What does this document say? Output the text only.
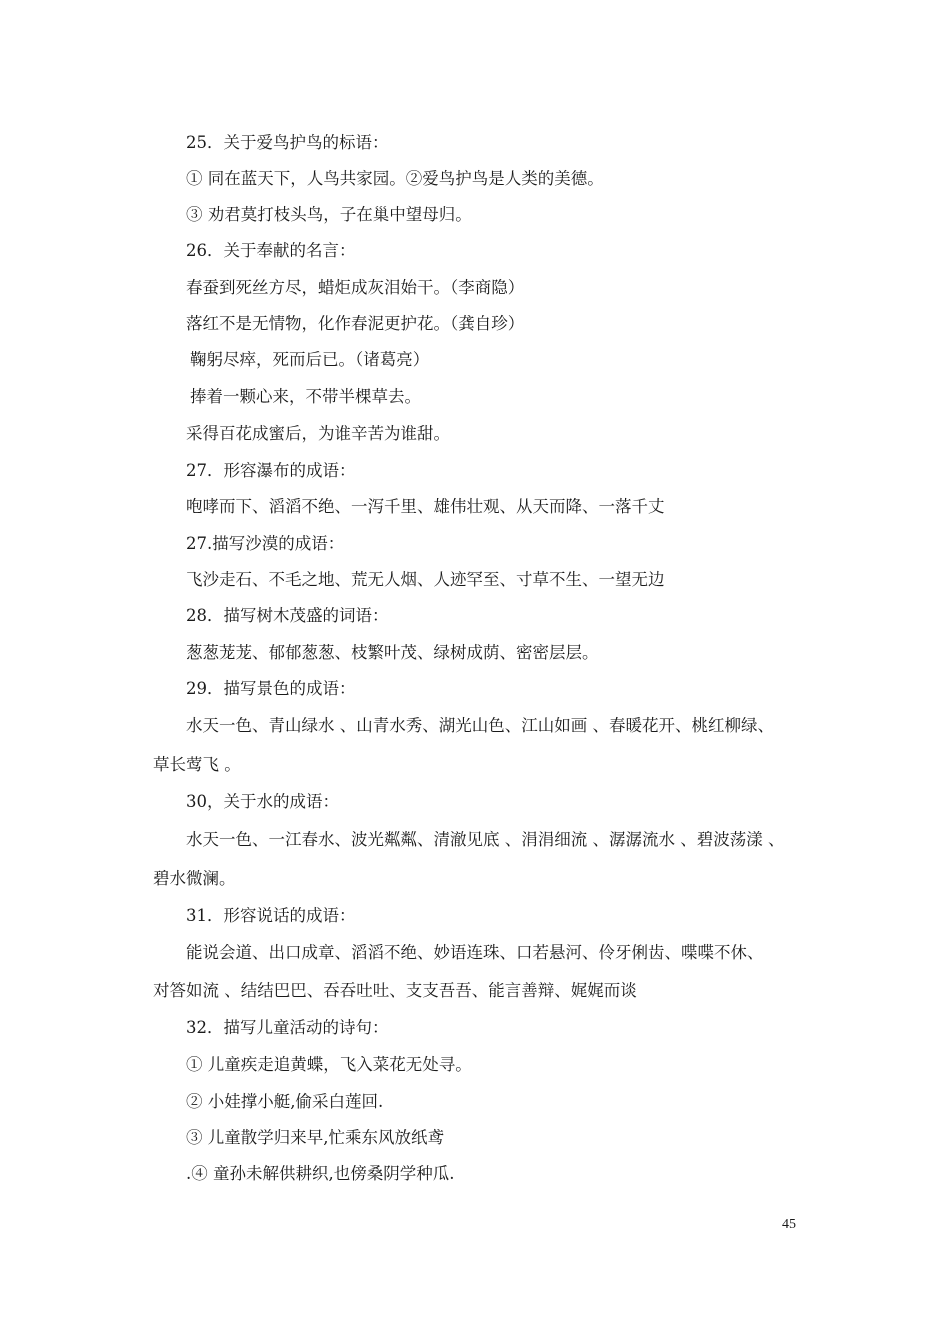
25．关于爱鸟护鸟的标语：
① 同在蓝天下，人鸟共家园。②爱鸟护鸟是人类的美德。
③ 劝君莫打枝头鸟，子在巢中望母归。
26．关于奉献的名言：
春蚕到死丝方尽，蜡炬成灰泪始干。（李商隐）
落红不是无情物，化作春泥更护花。（龚自珍）
鞠躬尽瘁，死而后已。（诸葛亮）
捧着一颗心来，不带半棵草去。
采得百花成蜜后，为谁辛苦为谁甜。
27．形容瀑布的成语：
咆哮而下、滔滔不绝、一泻千里、雄伟壮观、从天而降、一落千丈
27.描写沙漠的成语：
飞沙走石、不毛之地、荒无人烟、人迹罕至、寸草不生、一望无边
28．描写树木茂盛的词语：
葱葱茏茏、郁郁葱葱、枝繁叶茂、绿树成荫、密密层层。
29．描写景色的成语：
水天一色、青山绿水 、山青水秀、湖光山色、江山如画 、春暖花开、桃红柳绿、
草长莺飞 。
30，关于水的成语：
水天一色、一江春水、波光粼粼、清澈见底 、涓涓细流 、潺潺流水 、碧波荡漾 、
碧水微澜。
31．形容说话的成语：
能说会道、出口成章、滔滔不绝、妙语连珠、口若悬河、伶牙俐齿、喋喋不休、
对答如流 、结结巴巴、吞吞吐吐、支支吾吾、能言善辩、娓娓而谈
32．描写儿童活动的诗句：
① 儿童疾走追黄蝶，飞入菜花无处寻。
② 小娃撑小艇,偷采白莲回.
③ 儿童散学归来早,忙乘东风放纸鸢
.④ 童孙未解供耕织,也傍桑阴学种瓜.
45
